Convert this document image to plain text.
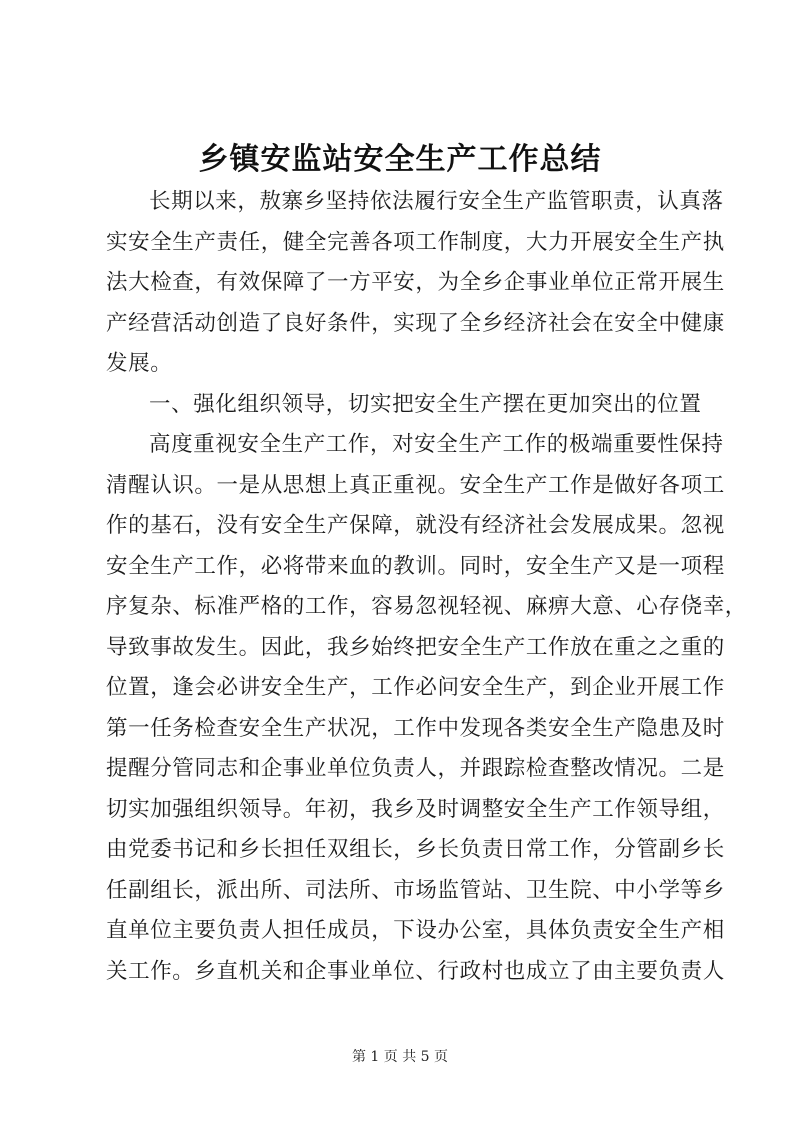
乡镇安监站安全生产工作总结
长期以来，敖寨乡坚持依法履行安全生产监管职责，认真落
实安全生产责任，健全完善各项工作制度，大力开展安全生产执
法大检查，有效保障了一方平安，为全乡企事业单位正常开展生
产经营活动创造了良好条件，实现了全乡经济社会在安全中健康
发展。
一、强化组织领导，切实把安全生产摆在更加突出的位置
高度重视安全生产工作，对安全生产工作的极端重要性保持
清醒认识。一是从思想上真正重视。安全生产工作是做好各项工
作的基石，没有安全生产保障，就没有经济社会发展成果。忽视
安全生产工作，必将带来血的教训。同时，安全生产又是一项程
序复杂、标准严格的工作，容易忽视轻视、麻痹大意、心存侥幸，
导致事故发生。因此，我乡始终把安全生产工作放在重之之重的
位置，逢会必讲安全生产，工作必问安全生产，到企业开展工作
第一任务检查安全生产状况，工作中发现各类安全生产隐患及时
提醒分管同志和企事业单位负责人，并跟踪检查整改情况。二是
切实加强组织领导。年初，我乡及时调整安全生产工作领导组，
由党委书记和乡长担任双组长，乡长负责日常工作，分管副乡长
任副组长，派出所、司法所、市场监管站、卫生院、中小学等乡
直单位主要负责人担任成员，下设办公室，具体负责安全生产相
关工作。乡直机关和企事业单位、行政村也成立了由主要负责人
第 1 页 共 5 页
